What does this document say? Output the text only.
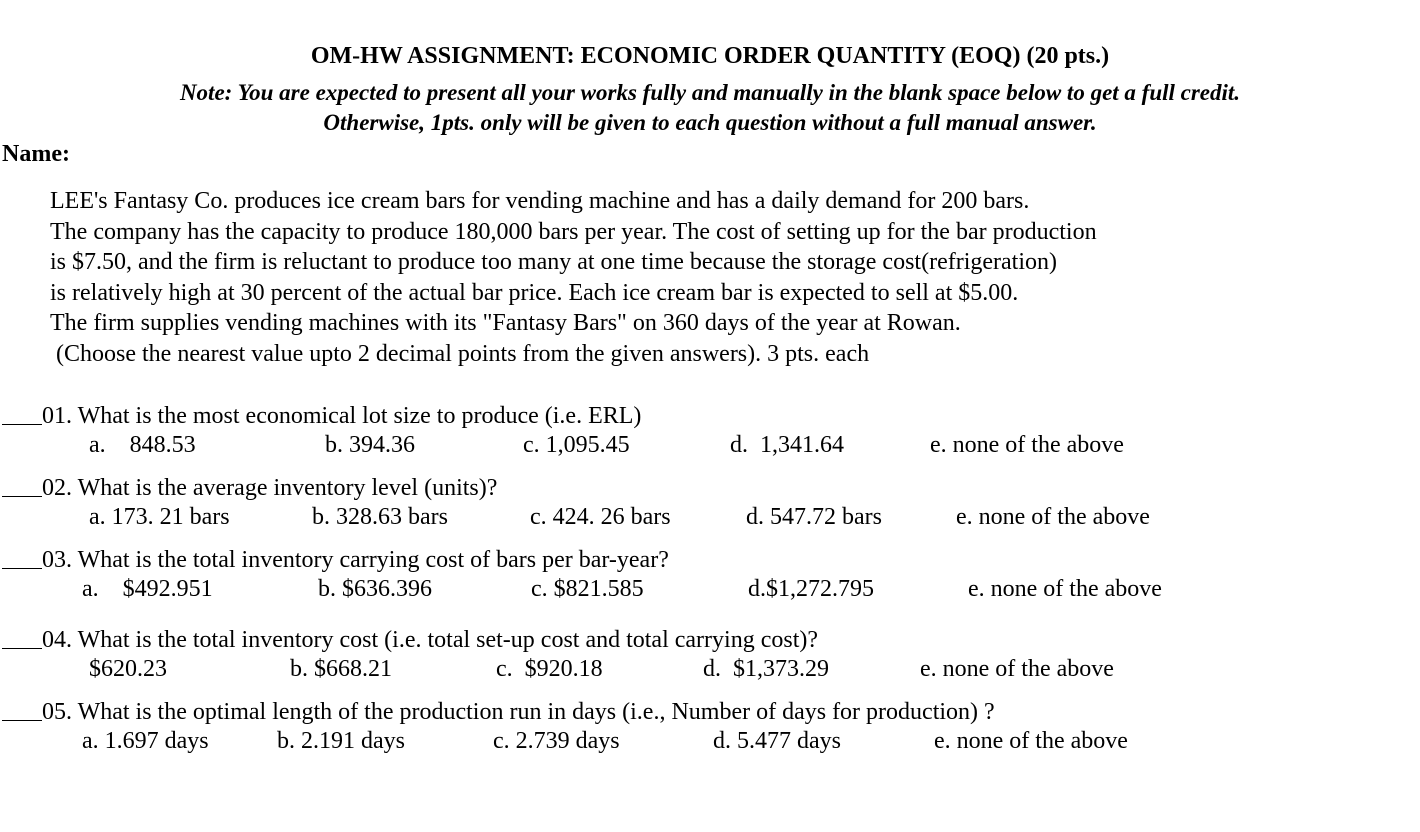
OM-HW ASSIGNMENT: ECONOMIC ORDER QUANTITY (EOQ) (20 pts.)

Note: You are expected to present all your works fully and manually in the blank space below to get a full credit.

Otherwise, 1pts. only will be given to each question without a full manual answer.

Name:

LEE's Fantasy Co. produces ice cream bars for vending machine and has a daily demand for 200 bars.
The company has the capacity to produce 180,000 bars per year. The cost of setting up for the bar production
is $7.50, and the firm is reluctant to produce too many at one time because the storage cost(refrigeration)
is relatively high at 30 percent of the actual bar price. Each ice cream bar is expected to sell at $5.00.
The firm supplies vending machines with its "Fantasy Bars" on 360 days of the year at Rowan.
(Choose the nearest value upto 2 decimal points from the given answers). 3 pts. each
01. What is the most economical lot size to produce (i.e. ERL)
a.    848.53	b. 394.36	c. 1,095.45	d.  1,341.64	e. none of the above
02. What is the average inventory level (units)?
a. 173. 21 bars	b. 328.63 bars	c. 424. 26 bars	d. 547.72 bars	e. none of the above
03. What is the total inventory carrying cost of bars per bar-year?
a.    $492.951	b. $636.396	c. $821.585	d.$1,272.795	e. none of the above
04. What is the total inventory cost (i.e. total set-up cost and total carrying cost)?
$620.23	b. $668.21	c.  $920.18	d.  $1,373.29	e. none of the above
05. What is the optimal length of the production run in days (i.e., Number of days for production) ?
a. 1.697 days	b. 2.191 days	c. 2.739 days	d. 5.477 days	e. none of the above
